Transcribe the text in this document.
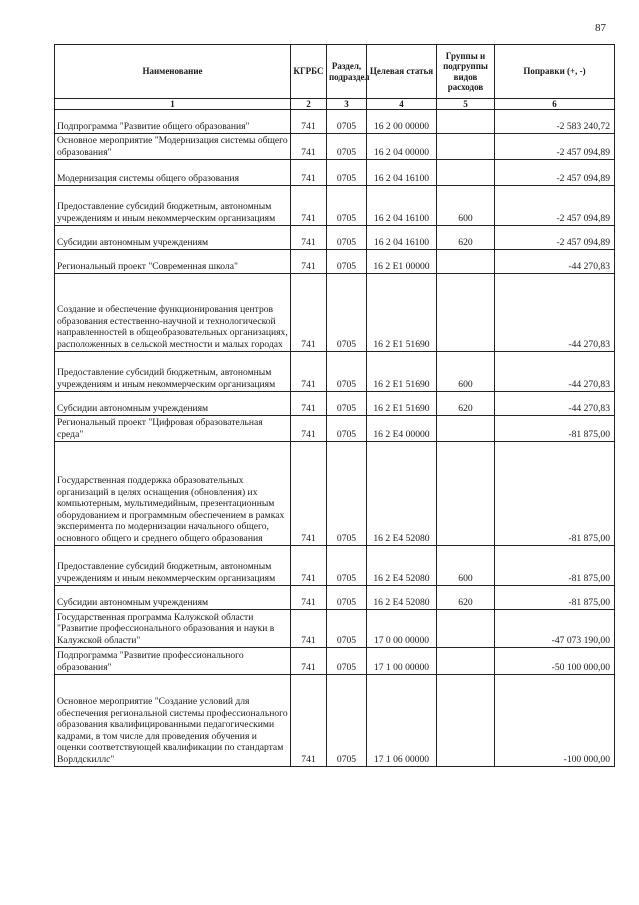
87
Наименование	КГРБС	Раздел, подраздел	Целевая статья	Группы и подгруппы видов расходов	Поправки (+, -)
1	2	3	4	5	6
Подпрограмма "Развитие общего образования"	741	0705	16 2 00 00000		-2 583 240,72
Основное мероприятие "Модернизация системы общего образования"	741	0705	16 2 04 00000		-2 457 094,89
Модернизация системы общего образования	741	0705	16 2 04 16100		-2 457 094,89
Предоставление субсидий бюджетным, автономным учреждениям и иным некоммерческим организациям	741	0705	16 2 04 16100	600	-2 457 094,89
Субсидии автономным учреждениям	741	0705	16 2 04 16100	620	-2 457 094,89
Региональный проект "Современная школа"	741	0705	16 2 E1 00000		-44 270,83
Создание и обеспечение функционирования центров образования естественно-научной и технологической направленностей в общеобразовательных организациях, расположенных в сельской местности и малых городах	741	0705	16 2 E1 51690		-44 270,83
Предоставление субсидий бюджетным, автономным учреждениям и иным некоммерческим организациям	741	0705	16 2 E1 51690	600	-44 270,83
Субсидии автономным учреждениям	741	0705	16 2 E1 51690	620	-44 270,83
Региональный проект "Цифровая образовательная среда"	741	0705	16 2 E4 00000		-81 875,00
Государственная поддержка образовательных организаций в целях оснащения (обновления) их компьютерным, мультимедийным, презентационным оборудованием и программным обеспечением в рамках эксперимента по модернизации начального общего, основного общего и среднего общего образования	741	0705	16 2 E4 52080		-81 875,00
Предоставление субсидий бюджетным, автономным учреждениям и иным некоммерческим организациям	741	0705	16 2 E4 52080	600	-81 875,00
Субсидии автономным учреждениям	741	0705	16 2 E4 52080	620	-81 875,00
Государственная программа Калужской области "Развитие профессионального образования и науки в Калужской области"	741	0705	17 0 00 00000		-47 073 190,00
Подпрограмма "Развитие профессионального образования"	741	0705	17 1 00 00000		-50 100 000,00
Основное мероприятие "Создание условий для обеспечения региональной системы профессионального образования квалифицированными педагогическими кадрами, в том числе для проведения обучения и оценки соответствующей квалификации по стандартам Ворлдскиллс"	741	0705	17 1 06 00000		-100 000,00
